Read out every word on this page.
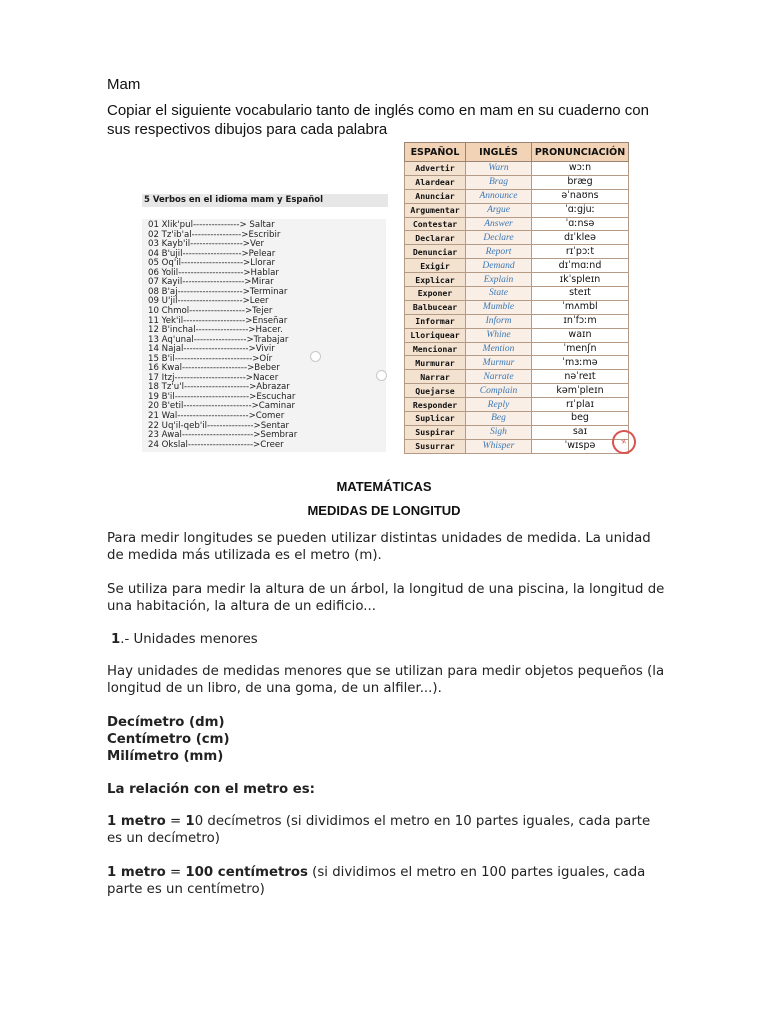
Mam
Copiar el siguiente vocabulario tanto de inglés como en mam en su cuaderno con sus respectivos dibujos para cada palabra
5 Verbos en el idioma mam y Español
01 Xlik'pul---------------> Saltar
02 Tz'ib'al---------------->Escribir
03 Kayb'il----------------->Ver
04 B'ujil------------------->Pelear
05 Oq'il-------------------->Llorar
06 Yolil--------------------->Hablar
07 Kayil-------------------->Mirar
08 B'aj--------------------->Terminar
09 U'jil--------------------->Leer
10 Chmol------------------>Tejer
11 Yek'il-------------------->Enseñar
12 B'inchal----------------->Hacer.
13 Aq'unal----------------->Trabajar
14 Najal--------------------->Vivir
15 B'il------------------------->Oír
16 Kwal--------------------->Beber
17 Itzj----------------------->Nacer
18 Tz'u'l--------------------->Abrazar
19 B'il------------------------>Escuchar
20 B'etil---------------------->Caminar
21 Wal----------------------->Comer
22 Uq'il-qeb'il--------------->Sentar
23 Awal----------------------->Sembrar
24 Okslal--------------------->Creer
ESPAÑOL	INGLÉS	PRONUNCIACIÓN
Advertir	Warn	wɔːn
Alardear	Brag	bræg
Anunciar	Announce	əˈnaʊns
Argumentar	Argue	ˈɑːgjuː
Contestar	Answer	ˈɑːnsə
Declarar	Declare	dɪˈkleə
Denunciar	Report	rɪˈpɔːt
Exigir	Demand	dɪˈmɑːnd
Explicar	Explain	ɪkˈspleɪn
Exponer	State	steɪt
Balbucear	Mumble	ˈmʌmbl
Informar	Inform	ɪnˈfɔːm
Lloriquear	Whine	waɪn
Mencionar	Mention	ˈmenʃn
Murmurar	Murmur	ˈmɜːmə
Narrar	Narrate	nəˈreɪt
Quejarse	Complain	kəmˈpleɪn
Responder	Reply	rɪˈplaɪ
Suplicar	Beg	beg
Suspirar	Sigh	saɪ
Susurrar	Whisper	ˈwɪspə	✕
MATEMÁTICAS
MEDIDAS DE LONGITUD
Para medir longitudes se pueden utilizar distintas unidades de medida. La unidad de medida más utilizada es el metro (m).
Se utiliza para medir la altura de un árbol, la longitud de una piscina, la longitud de una habitación, la altura de un edificio...
1.- Unidades menores
Hay unidades de medidas menores que se utilizan para medir objetos pequeños (la longitud de un libro, de una goma, de un alfiler...).
Decímetro (dm)
Centímetro (cm)
Milímetro (mm)
La relación con el metro es:
1 metro = 10 decímetros (si dividimos el metro en 10 partes iguales, cada parte es un decímetro)
1 metro = 100 centímetros (si dividimos el metro en 100 partes iguales, cada parte es un centímetro)
